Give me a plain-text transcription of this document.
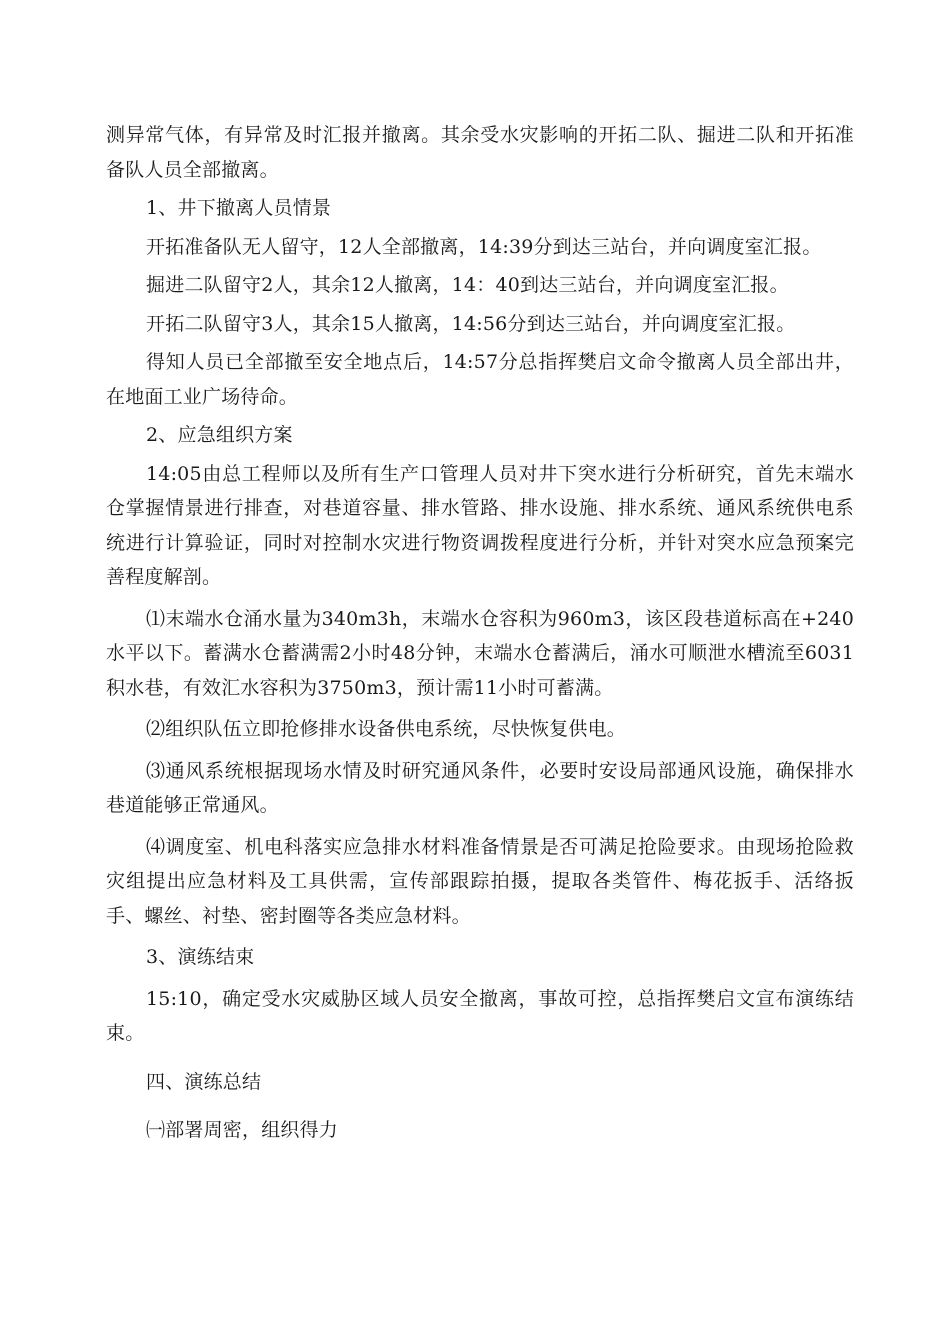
测异常气体，有异常及时汇报并撤离。其余受水灾影响的开拓二队、掘进二队和开拓准备队人员全部撤离。

1、井下撤离人员情景

开拓准备队无人留守，12人全部撤离，14:39分到达三站台，并向调度室汇报。

掘进二队留守2人，其余12人撤离，14：40到达三站台，并向调度室汇报。

开拓二队留守3人，其余15人撤离，14:56分到达三站台，并向调度室汇报。

得知人员已全部撤至安全地点后，14:57分总指挥樊启文命令撤离人员全部出井，在地面工业广场待命。

2、应急组织方案

14:05由总工程师以及所有生产口管理人员对井下突水进行分析研究，首先末端水仓掌握情景进行排查，对巷道容量、排水管路、排水设施、排水系统、通风系统供电系统进行计算验证，同时对控制水灾进行物资调拨程度进行分析，并针对突水应急预案完善程度解剖。

⑴末端水仓涌水量为340m3h，末端水仓容积为960m3，该区段巷道标高在+240水平以下。蓄满水仓蓄满需2小时48分钟，末端水仓蓄满后，涌水可顺泄水槽流至6031积水巷，有效汇水容积为3750m3，预计需11小时可蓄满。

⑵组织队伍立即抢修排水设备供电系统，尽快恢复供电。

⑶通风系统根据现场水情及时研究通风条件，必要时安设局部通风设施，确保排水巷道能够正常通风。

⑷调度室、机电科落实应急排水材料准备情景是否可满足抢险要求。由现场抢险救灾组提出应急材料及工具供需，宣传部跟踪拍摄，提取各类管件、梅花扳手、活络扳手、螺丝、衬垫、密封圈等各类应急材料。

3、演练结束

15:10，确定受水灾威胁区域人员安全撤离，事故可控，总指挥樊启文宣布演练结束。

四、演练总结

㈠部署周密，组织得力
